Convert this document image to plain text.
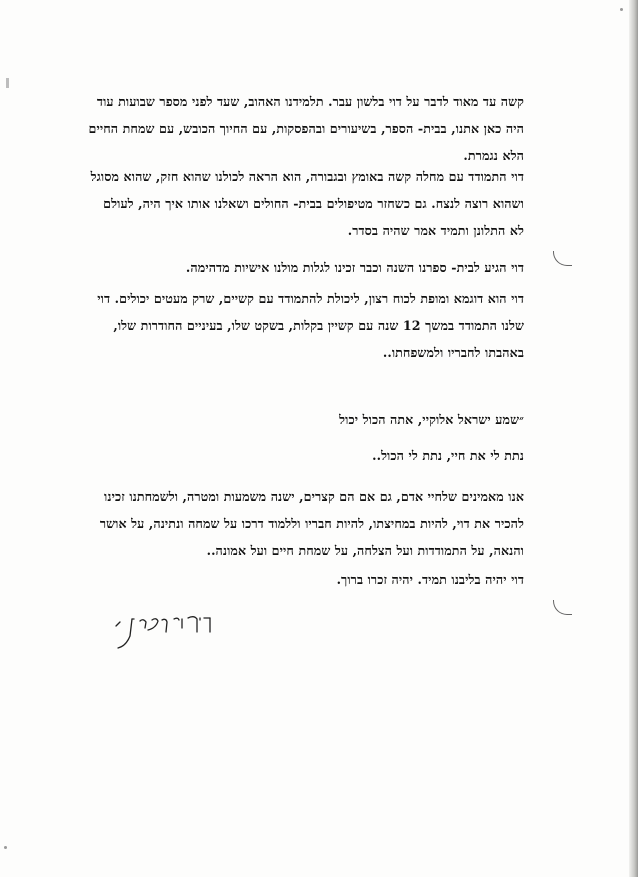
קשה עד מאוד לדבר על דוי בלשון עבר. תלמידנו האהוב, שעד לפני מספר שבועות עוד
היה כאן אתנו, בבית- הספר, בשיעורים ובהפסקות, עם החיוך הכובש, עם שמחת החיים
הלא נגמרת.
דוי התמודד עם מחלה קשה באומץ ובגבורה, הוא הראה לכולנו שהוא חזק, שהוא מסוגל
ושהוא רוצה לנצח. גם כשחזר מטיפולים בבית- החולים ושאלנו אותו איך היה, לעולם
לא התלונן ותמיד אמר שהיה בסדר.
דוי הגיע לבית- ספרנו השנה וכבר זכינו לגלות מולנו אישיות מדהימה.
דוי הוא דוגמא ומופת לכוח רצון, ליכולת להתמודד עם קשיים, שרק מעטים יכולים. דוי
שלנו התמודד במשך 12 שנה עם קשיין בקלות, בשקט שלו, בעיניים החודרות שלו,
באהבתו לחבריו ולמשפחתו..
״שמע ישראל אלוקיי, אתה הכול יכול
נתת לי את חיי, נתת לי הכול..
אנו מאמינים שלחיי אדם, גם אם הם קצרים, ישנה משמעות ומטרה, ולשמחתנו זכינו
להכיר את דוי, להיות במחיצתו, להיות חבריו וללמוד דרכו על שמחה ונתינה, על אושר
והנאה, על התמודדות ועל הצלחה, על שמחת חיים ועל אמונה..
דוי יהיה בליבנו תמיד. יהיה זכרו ברוך.
